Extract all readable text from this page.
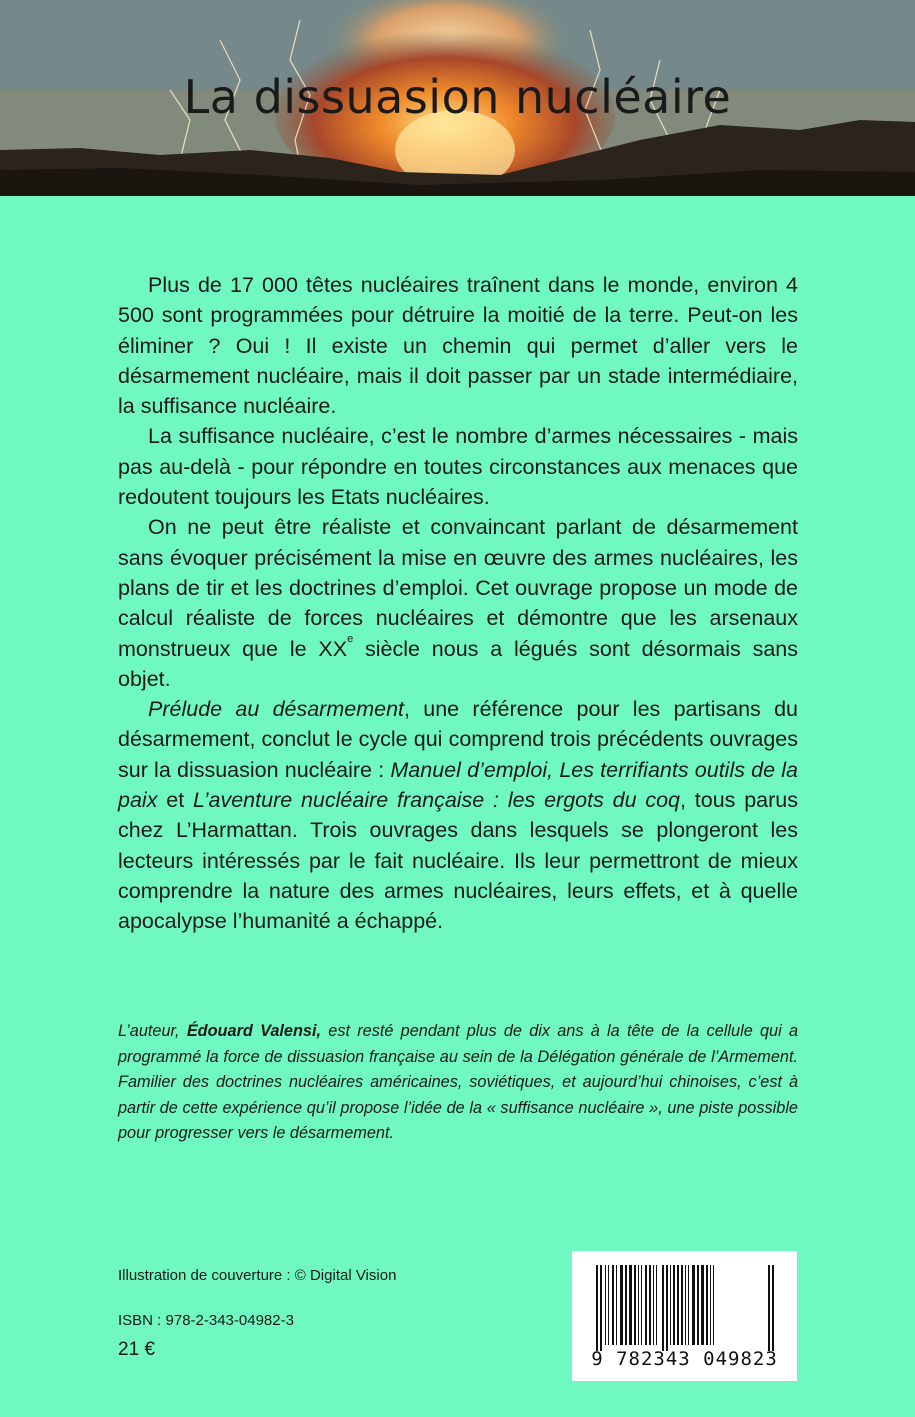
La dissuasion nucléaire

Plus de 17 000 têtes nucléaires traînent dans le monde, environ 4 500 sont programmées pour détruire la moitié de la terre. Peut-on les éliminer ? Oui ! Il existe un chemin qui permet d’aller vers le désarmement nucléaire, mais il doit passer par un stade intermédiaire, la suffisance nucléaire.

La suffisance nucléaire, c’est le nombre d’armes nécessaires - mais pas au-delà - pour répondre en toutes circonstances aux menaces que redoutent toujours les Etats nucléaires.

On ne peut être réaliste et convaincant parlant de désarmement sans évoquer précisément la mise en œuvre des armes nucléaires, les plans de tir et les doctrines d’emploi. Cet ouvrage propose un mode de calcul réaliste de forces nucléaires et démontre que les arsenaux monstrueux que le XXe siècle nous a légués sont désormais sans objet.

Prélude au désarmement, une référence pour les partisans du désarmement, conclut le cycle qui comprend trois précédents ouvrages sur la dissuasion nucléaire : Manuel d’emploi, Les terrifiants outils de la paix et L’aventure nucléaire française : les ergots du coq, tous parus chez L’Harmattan. Trois ouvrages dans lesquels se plongeront les lecteurs intéressés par le fait nucléaire. Ils leur permettront de mieux comprendre la nature des armes nucléaires, leurs effets, et à quelle apocalypse l’humanité a échappé.

L’auteur, Édouard Valensi, est resté pendant plus de dix ans à la tête de la cellule qui a programmé la force de dissuasion française au sein de la Délégation générale de l’Armement. Familier des doctrines nucléaires américaines, soviétiques, et aujourd’hui chinoises, c’est à partir de cette expérience qu’il propose l’idée de la « suffisance nucléaire », une piste possible pour progresser vers le désarmement.
Illustration de couverture : © Digital Vision
ISBN : 978-2-343-04982-3
21 €	9 782343 049823
